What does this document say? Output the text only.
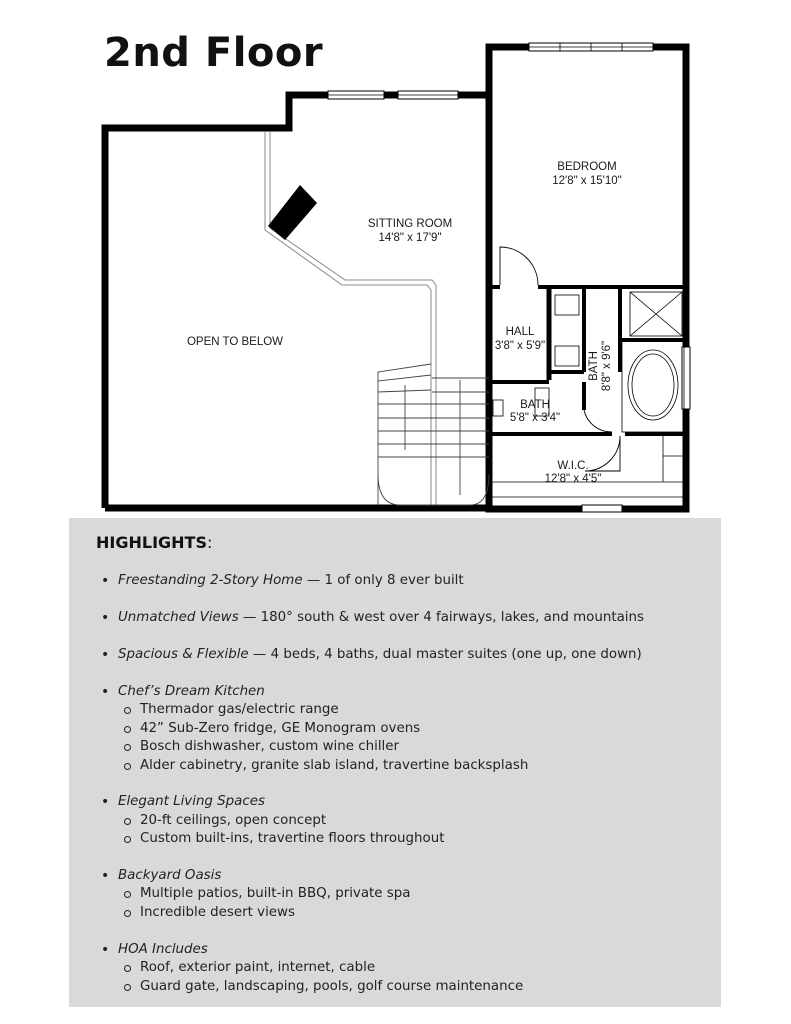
2nd Floor
BEDROOM
12'8" x 15'10"
SITTING ROOM
14'8" x 17'9"
OPEN TO BELOW
HALL
3'8" x 5'9"
BATH 8'8" x 9'6"
BATH
5'8" x 3'4"
W.I.C.
12'8" x 4'5"
HIGHLIGHTS:
• Freestanding 2-Story Home — 1 of only 8 ever built
• Unmatched Views — 180° south & west over 4 fairways, lakes, and mountains
• Spacious & Flexible — 4 beds, 4 baths, dual master suites (one up, one down)
• Chef’s Dream Kitchen
Thermador gas/electric range
42” Sub-Zero fridge, GE Monogram ovens
Bosch dishwasher, custom wine chiller
Alder cabinetry, granite slab island, travertine backsplash
• Elegant Living Spaces
20-ft ceilings, open concept
Custom built-ins, travertine floors throughout
• Backyard Oasis
Multiple patios, built-in BBQ, private spa
Incredible desert views
• HOA Includes
Roof, exterior paint, internet, cable
Guard gate, landscaping, pools, golf course maintenance
